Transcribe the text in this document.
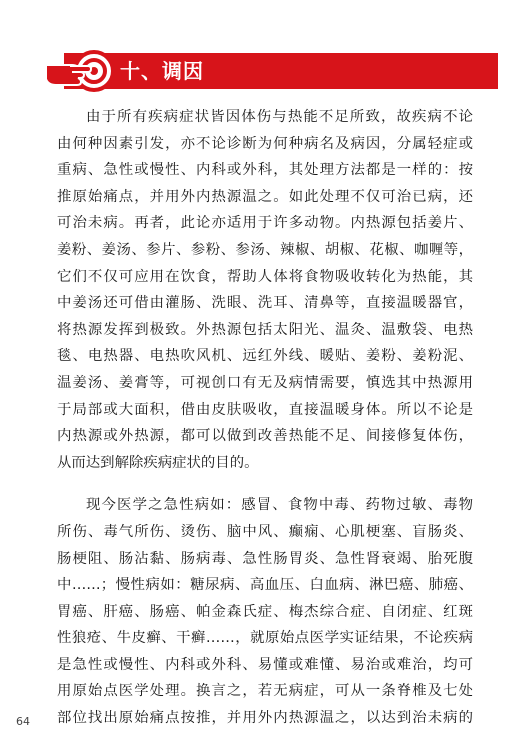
十、调因
由于所有疾病症状皆因体伤与热能不足所致，故疾病不论
由何种因素引发，亦不论诊断为何种病名及病因，分属轻症或
重病、急性或慢性、内科或外科，其处理方法都是一样的：按
推原始痛点，并用外内热源温之。如此处理不仅可治已病，还
可治未病。再者，此论亦适用于许多动物。内热源包括姜片、
姜粉、姜汤、参片、参粉、参汤、辣椒、胡椒、花椒、咖喱等，
它们不仅可应用在饮食，帮助人体将食物吸收转化为热能，其
中姜汤还可借由灌肠、洗眼、洗耳、清鼻等，直接温暖器官，
将热源发挥到极致。外热源包括太阳光、温灸、温敷袋、电热
毯、电热器、电热吹风机、远红外线、暖贴、姜粉、姜粉泥、
温姜汤、姜膏等，可视创口有无及病情需要，慎选其中热源用
于局部或大面积，借由皮肤吸收，直接温暖身体。所以不论是
内热源或外热源，都可以做到改善热能不足、间接修复体伤，
从而达到解除疾病症状的目的。
现今医学之急性病如：感冒、食物中毒、药物过敏、毒物
所伤、毒气所伤、烫伤、脑中风、癫痫、心肌梗塞、盲肠炎、
肠梗阻、肠沾黏、肠病毒、急性肠胃炎、急性肾衰竭、胎死腹
中……；慢性病如：糖尿病、高血压、白血病、淋巴癌、肺癌、
胃癌、肝癌、肠癌、帕金森氏症、梅杰综合症、自闭症、红斑
性狼疮、牛皮癣、干癣……，就原始点医学实证结果，不论疾病
是急性或慢性、内科或外科、易懂或难懂、易治或难治，均可
用原始点医学处理。换言之，若无病症，可从一条脊椎及七处
部位找出原始痛点按推，并用外内热源温之，以达到治未病的
64
